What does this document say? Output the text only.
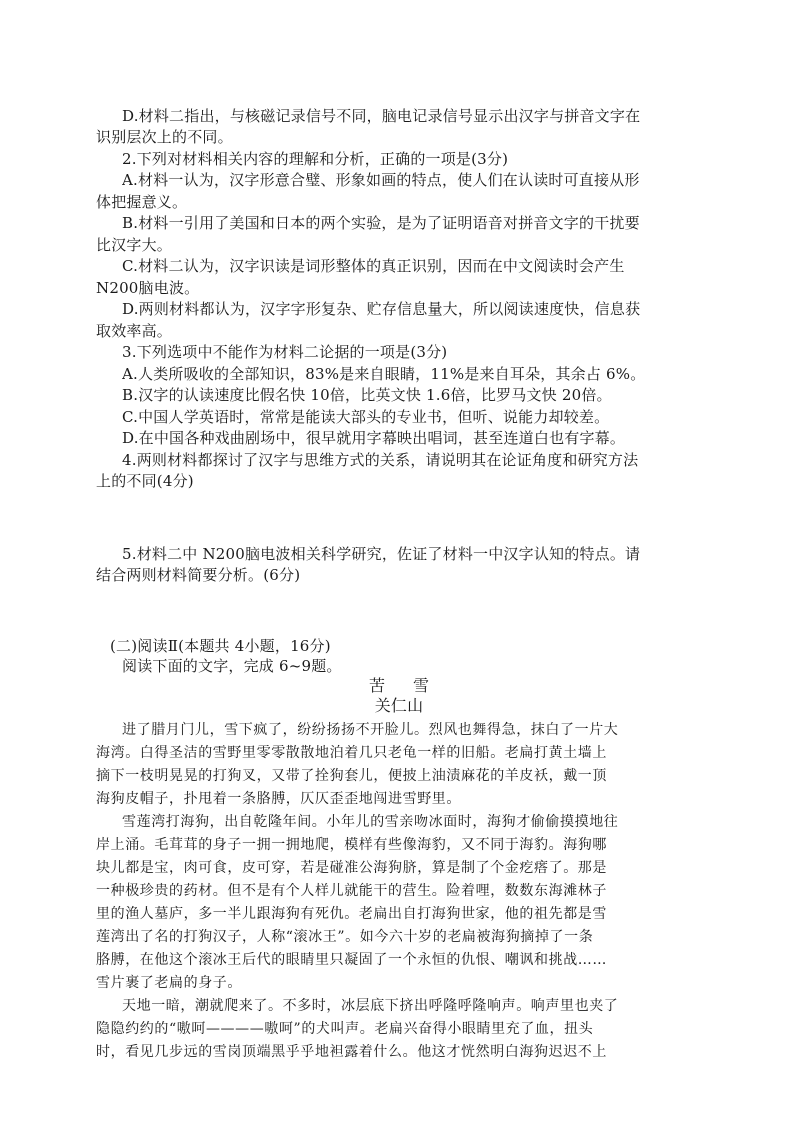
D.材料二指出，与核磁记录信号不同，脑电记录信号显示出汉字与拼音文字在
识别层次上的不同。
2.下列对材料相关内容的理解和分析，正确的一项是(3分)
A.材料一认为，汉字形意合璧、形象如画的特点，使人们在认读时可直接从形
体把握意义。
B.材料一引用了美国和日本的两个实验，是为了证明语音对拼音文字的干扰要
比汉字大。
C.材料二认为，汉字识读是词形整体的真正识别，因而在中文阅读时会产生
N200脑电波。
D.两则材料都认为，汉字字形复杂、贮存信息量大，所以阅读速度快，信息获
取效率高。
3.下列选项中不能作为材料二论据的一项是(3分)
A.人类所吸收的全部知识，83%是来自眼睛，11%是来自耳朵，其余占 6%。
B.汉字的认读速度比假名快 10倍，比英文快 1.6倍，比罗马文快 20倍。
C.中国人学英语时，常常是能读大部头的专业书，但听、说能力却较差。
D.在中国各种戏曲剧场中，很早就用字幕映出唱词，甚至连道白也有字幕。
4.两则材料都探讨了汉字与思维方式的关系，请说明其在论证角度和研究方法
上的不同(4分)
5.材料二中 N200脑电波相关科学研究，佐证了材料一中汉字认知的特点。请
结合两则材料简要分析。(6分)
(二)阅读Ⅱ(本题共 4小题，16分)
阅读下面的文字，完成 6~9题。
苦雪
关仁山
进了腊月门儿，雪下疯了，纷纷扬扬不开脸儿。烈风也舞得急，抹白了一片大
海湾。白得圣洁的雪野里零零散散地泊着几只老龟一样的旧船。老扁打黄土墙上
摘下一枝明晃晃的打狗叉，又带了拴狗套儿，便披上油渍麻花的羊皮袄，戴一顶
海狗皮帽子，扑甩着一条胳膊，仄仄歪歪地闯进雪野里。
雪莲湾打海狗，出自乾隆年间。小年儿的雪亲吻冰面时，海狗才偷偷摸摸地往
岸上涌。毛茸茸的身子一拥一拥地爬，模样有些像海豹，又不同于海豹。海狗哪
块儿都是宝，肉可食，皮可穿，若是碰准公海狗脐，算是制了个金疙瘩了。那是
一种极珍贵的药材。但不是有个人样儿就能干的营生。险着哩，数数东海滩林子
里的渔人墓庐，多一半儿跟海狗有死仇。老扁出自打海狗世家，他的祖先都是雪
莲湾出了名的打狗汉子，人称“滚冰王”。如今六十岁的老扁被海狗摘掉了一条
胳膊，在他这个滚冰王后代的眼睛里只凝固了一个永恒的仇恨、嘲讽和挑战……
雪片裹了老扁的身子。
天地一暗，潮就爬来了。不多时，冰层底下挤出呼隆呼隆响声。响声里也夹了
隐隐约约的“嗷呵————嗷呵”的犬叫声。老扁兴奋得小眼睛里充了血，扭头
时，看见几步远的雪岗顶端黑乎乎地袒露着什么。他这才恍然明白海狗迟迟不上
